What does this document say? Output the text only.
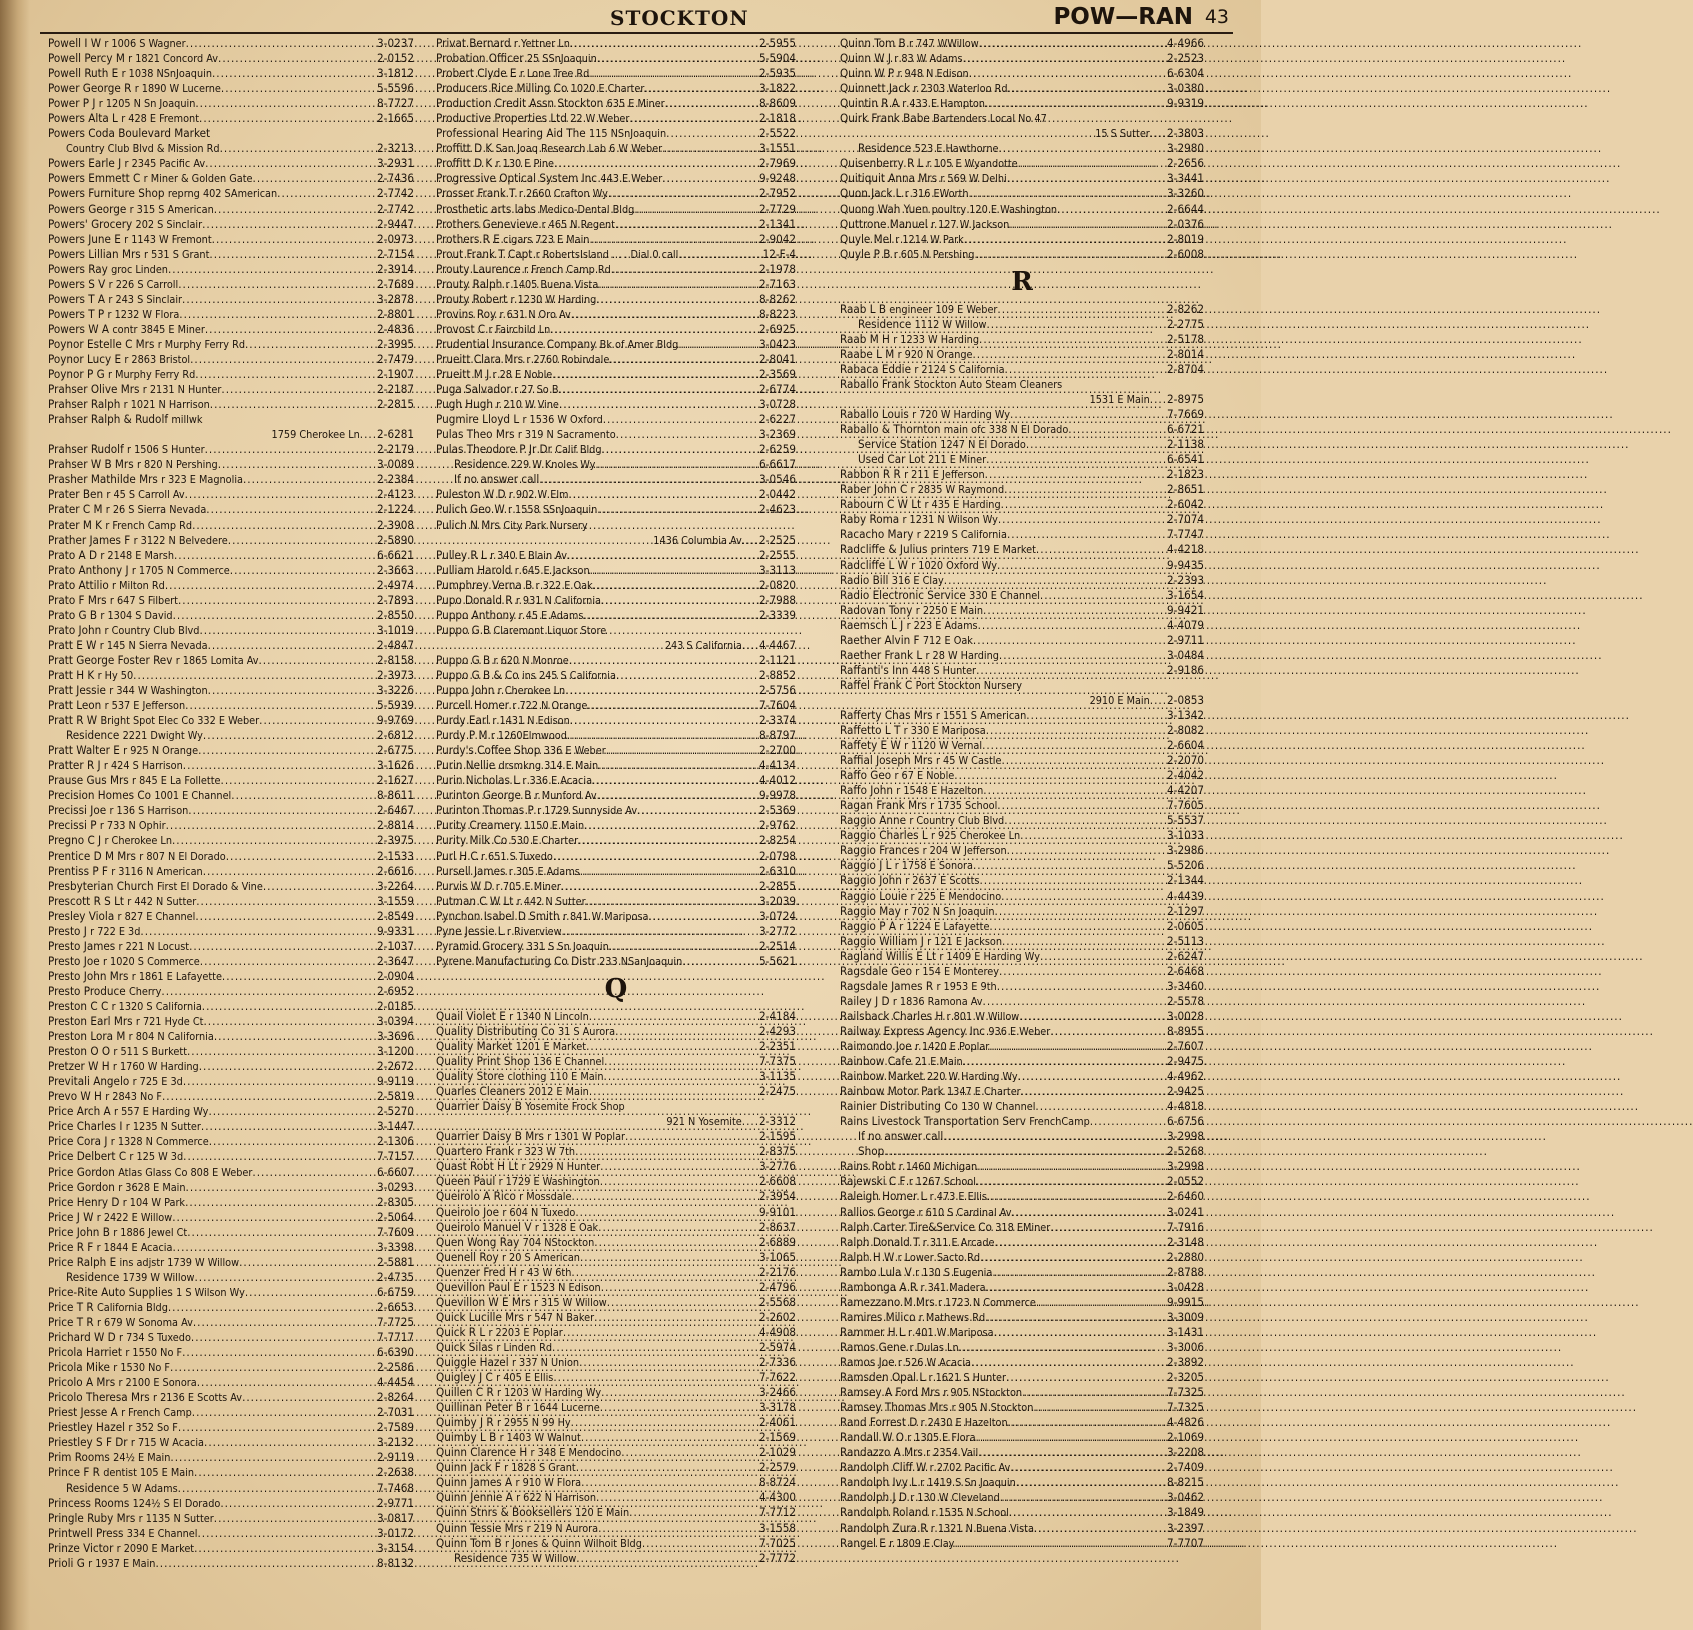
STOCKTON	POW—RAN 43
Powell I W r 1006 S Wagner .....	3-0237
Powell Percy M r 1821 Concord Av .....	2-0152
Powell Ruth E r 1038 NSnJoaquin .....	3-1812
Power George R r 1890 W Lucerne .....	5-5596
Power P J r 1205 N Sn Joaquin .....	8-7727
Powers Alta L r 428 E Fremont .....	2-1665
Powers Coda Boulevard Market
Country Club Blvd & Mission Rd .....	2-3213
Powers Earle J r 2345 Pacific Av .....	3-2931
Powers Emmett C r Miner & Golden Gate .....	2-7436
Powers Furniture Shop reprng 402 SAmerican .....	2-7742
Powers George r 315 S American .....	2-7742
Powers' Grocery 202 S Sinclair .....	2-9447
Powers June E r 1143 W Fremont .....	2-0973
Powers Lillian Mrs r 531 S Grant .....	2-7154
Powers Ray groc Linden .....	2-3914
Powers S V r 226 S Carroll .....	2-7689
Powers T A r 243 S Sinclair .....	3-2878
Powers T P r 1232 W Flora .....	2-8801
Powers W A contr 3845 E Miner .....	2-4836
Poynor Estelle C Mrs r Murphy Ferry Rd .....	2-3995
Poynor Lucy E r 2863 Bristol .....	2-7479
Poynor P G r Murphy Ferry Rd .....	2-1907
Prahser Olive Mrs r 2131 N Hunter .....	2-2187
Prahser Ralph r 1021 N Harrison .....	2-2815
Prahser Ralph & Rudolf millwk
1759 Cherokee Ln .... 2-6281
Prahser Rudolf r 1506 S Hunter .....	2-2179
Prahser W B Mrs r 820 N Pershing .....	3-0089
Prasher Mathilde Mrs r 323 E Magnolia .....	2-2384
Prater Ben r 45 S Carroll Av .....	2-4123
Prater C M r 26 S Sierra Nevada .....	2-1224
Prater M K r French Camp Rd .....	2-3908
Prather James F r 3122 N Belvedere .....	2-5890
Prato A D r 2148 E Marsh .....	6-6621
Prato Anthony J r 1705 N Commerce .....	2-3663
Prato Attilio r Milton Rd .....	2-4974
Prato F Mrs r 647 S Filbert .....	2-7893
Prato G B r 1304 S David .....	2-8550
Prato John r Country Club Blvd .....	3-1019
Pratt E W r 145 N Sierra Nevada .....	2-4847
Pratt George Foster Rev r 1865 Lomita Av .....	2-8158
Pratt H K r Hy 50 .....	2-3973
Pratt Jessie r 344 W Washington .....	3-3226
Pratt Leon r 537 E Jefferson .....	5-5939
Pratt R W Bright Spot Elec Co 332 E Weber .....	9-9769
Residence 2221 Dwight Wy .....	2-6812
Pratt Walter E r 925 N Orange .....	2-6775
Pratter R J r 424 S Harrison .....	3-1626
Prause Gus Mrs r 845 E La Follette .....	2-1627
Precision Homes Co 1001 E Channel .....	8-8611
Precissi Joe r 136 S Harrison .....	2-6467
Precissi P r 733 N Ophir .....	2-8814
Pregno C J r Cherokee Ln .....	2-3975
Prentice D M Mrs r 807 N El Dorado .....	2-1533
Prentiss P F r 3116 N American .....	2-6616
Presbyterian Church First El Dorado & Vine .....	3-2264
Prescott R S Lt r 442 N Sutter .....	3-1559
Presley Viola r 827 E Channel .....	2-8549
Presto J r 722 E 3d .....	9-9331
Presto James r 221 N Locust .....	2-1037
Presto Joe r 1020 S Commerce .....	2-3647
Presto John Mrs r 1861 E Lafayette .....	2-0904
Presto Produce Cherry .....	2-6952
Preston C C r 1320 S California .....	2-0185
Preston Earl Mrs r 721 Hyde Ct .....	3-0394
Preston Lora M r 804 N California .....	3-3696
Preston O O r 511 S Burkett .....	3-1200
Pretzer W H r 1760 W Harding .....	2-2672
Previtali Angelo r 725 E 3d .....	9-9119
Prevo W H r 2843 No F .....	2-5819
Price Arch A r 557 E Harding Wy .....	2-5270
Price Charles I r 1235 N Sutter .....	3-1447
Price Cora J r 1328 N Commerce .....	2-1306
Price Delbert C r 125 W 3d .....	7-7157
Price Gordon Atlas Glass Co 808 E Weber .....	6-6607
Price Gordon r 3628 E Main .....	3-0293
Price Henry D r 104 W Park .....	2-8305
Price J W r 2422 E Willow .....	2-5064
Price John B r 1886 Jewel Ct .....	7-7609
Price R F r 1844 E Acacia .....	3-3398
Price Ralph E ins adjstr 1739 W Willow .....	2-5881
Residence 1739 W Willow .....	2-4735
Price-Rite Auto Supplies 1 S Wilson Wy .....	6-6759
Price T R California Bldg .....	2-6653
Price T R r 679 W Sonoma Av .....	7-7725
Prichard W D r 734 S Tuxedo .....	7-7717
Pricola Harriet r 1550 No F .....	6-6390
Pricola Mike r 1530 No F .....	2-2586
Pricolo A Mrs r 2100 E Sonora .....	4-4454
Pricolo Theresa Mrs r 2136 E Scotts Av .....	2-8264
Priest Jesse A r French Camp .....	2-7031
Priestley Hazel r 352 So F .....	2-7589
Priestley S F Dr r 715 W Acacia .....	3-2132
Prim Rooms 24½ E Main .....	2-9119
Prince F R dentist 105 E Main .....	2-2638
Residence 5 W Adams .....	7-7468
Princess Rooms 124½ S El Dorado .....	2-9771
Pringle Ruby Mrs r 1135 N Sutter .....	3-0817
Printwell Press 334 E Channel .....	3-0172
Prinze Victor r 2090 E Market .....	3-3154
Prioli G r 1937 E Main .....	8-8132
Privat Bernard r Yettner Ln .....	2-5955
Probation Officer 25 SSnJoaquin .....	5-5904
Probert Clyde E r Lone Tree Rd .....	2-5935
Producers Rice Milling Co 1020 E Charter .....	3-1822
Production Credit Assn Stockton 635 E Miner .....	8-8609
Productive Properties Ltd 22 W Weber .....	2-1818
Professional Hearing Aid The 115 NSnJoaquin .....	2-5522
Proffitt D K San Joaq Research Lab 6 W Weber .....	3-1551
Proffitt D K r 130 E Pine .....	2-7969
Progressive Optical System Inc 443 E Weber .....	9-9248
Prosser Frank T r 2660 Crafton Wy .....	2-7952
Prosthetic arts labs Medico-Dental Bldg .....	2-7729
Prothers Genevieve r 465 N Regent .....	2-1341
Prothers R E cigars 723 E Main .....	2-9042
Prout Frank T Capt r RobertsIsland . . . Dial 0 call .....	12-F-4
Prouty Laurence r French Camp Rd .....	2-1978
Prouty Ralph r 1405 Buena Vista .....	2-7163
Prouty Robert r 1230 W Harding .....	8-8262
Provins Roy r 631 N Oro Av .....	8-8223
Provost C r Fairchild Ln .....	2-6925
Prudential Insurance Company Bk of Amer Bldg .....	3-0423
Prueitt Clara Mrs r 2760 Robindale .....	2-8041
Prueitt M J r 28 E Noble .....	2-3569
Puga Salvador r 27 So B .....	2-6774
Pugh Hugh r 210 W Vine .....	3-0728
Pugmire Lloyd L r 1536 W Oxford .....	2-6227
Pulas Theo Mrs r 319 N Sacramento .....	3-2369
Pulas Theodore P Jr Dr Calif Bldg .....	2-6259
Residence 229 W Knoles Wy .....	6-6617
If no answer call .....	3-0546
Puleston W D r 902 W Elm .....	2-0442
Pulich Geo W r 1558 SSnJoaquin .....	2-4623
Pulich N Mrs City Park Nursery
1436 Columbia Av .... 2-2525
Pulley R L r 340 E Blain Av .....	2-2555
Pulliam Harold r 645 E Jackson .....	3-3113
Pumphrey Verna B r 322 E Oak .....	2-0820
Pupo Donald R r 931 N California .....	2-7988
Puppo Anthony r 45 E Adams .....	2-3339
Puppo G B Claremont Liquor Store
243 S California .... 4-4467
Puppo G B r 620 N Monroe .....	2-1121
Puppo G B & Co ins 245 S California .....	2-8852
Puppo John r Cherokee Ln .....	2-5756
Purcell Homer r 722 N Orange .....	7-7604
Purdy Earl r 1431 N Edison .....	2-3374
Purdy P M r 1260Elmwood .....	8-8797
Purdy's Coffee Shop 336 E Weber .....	2-2700
Purin Nellie drsmkng 314 E Main .....	4-4134
Purin Nicholas L r 336 E Acacia .....	4-4012
Purinton George B r Munford Av .....	9-9978
Purinton Thomas P r 1729 Sunnyside Av .....	2-5369
Purity Creamery 1150 E Main .....	2-9762
Purity Milk Co 530 E Charter .....	2-8254
Purl H C r 651 S Tuxedo .....	2-0798
Pursell James r 305 E Adams .....	2-6310
Purvis W D r 705 E Miner .....	2-2855
Putman C W Lt r 442 N Sutter .....	3-2039
Pynchon Isabel D Smith r 841 W Mariposa .....	3-0724
Pyne Jessie L r Riverview .....	3-2772
Pyramid Grocery 331 S Sn Joaquin .....	2-2514
Pyrene Manufacturing Co Distr 233 NSanJoaquin .....	5-5621
Q
Quail Violet E r 1340 N Lincoln .....	2-4184
Quality Distributing Co 31 S Aurora .....	2-4293
Quality Market 1201 E Market .....	2-2351
Quality Print Shop 136 E Channel .....	7-7375
Quality Store clothing 110 E Main .....	3-1135
Quarles Cleaners 2012 E Main .....	2-2475
Quarrier Daisy B Yosemite Frock Shop
921 N Yosemite .... 2-3312
Quarrier Daisy B Mrs r 1301 W Poplar .....	2-1595
Quartero Frank r 323 W 7th .....	2-8375
Quast Robt H Lt r 2929 N Hunter .....	3-2776
Queen Paul r 1729 E Washington .....	2-6608
Queirolo A Rico r Mossdale .....	2-3954
Queirolo Joe r 604 N Tuxedo .....	9-9101
Queirolo Manuel V r 1328 E Oak .....	2-8637
Quen Wong Ray 704 NStockton .....	2-6889
Quenell Roy r 20 S American .....	3-1065
Quenzer Fred H r 43 W 6th .....	2-2176
Quevillon Paul E r 1523 N Edison .....	2-4796
Quevillon W E Mrs r 315 W Willow .....	2-5568
Quick Lucille Mrs r 547 N Baker .....	2-2602
Quick R L r 2203 E Poplar .....	4-4908
Quick Silas r Linden Rd .....	2-5974
Quiggle Hazel r 337 N Union .....	2-7336
Quigley J C r 405 E Ellis .....	7-7622
Quillen C R r 1203 W Harding Wy .....	3-2466
Quillinan Peter B r 1644 Lucerne .....	3-3178
Quimby J R r 2955 N 99 Hy .....	2-4061
Quimby L B r 1403 W Walnut .....	2-1569
Quinn Clarence H r 348 E Mendocino .....	2-1029
Quinn Jack F r 1828 S Grant .....	2-2579
Quinn James A r 910 W Flora .....	8-8724
Quinn Jennie A r 622 N Harrison .....	4-4300
Quinn Stnrs & Booksellers 120 E Main .....	7-7712
Quinn Tessie Mrs r 219 N Aurora .....	3-1558
Quinn Tom B r Jones & Quinn Wilhoit Bldg .....	7-7025
Residence 735 W Willow .....	2-7772
Quinn Tom B r 747 WWillow .....	4-4966
Quinn W J r 83 W Adams .....	2-2523
Quinn W P r 948 N Edison .....	6-6304
Quinnett Jack r 2303 Waterloo Rd .....	3-0380
Quintin R A r 433 E Hampton .....	9-9319
Quirk Frank Babe Bartenders Local No 47
15 S Sutter .... 2-3803
Residence 523 E Hawthorne .....	3-2980
Quisenberry R L r 105 E Wyandotte .....	2-2656
Quitiquit Anna Mrs r 569 W Delhi .....	3-3441
Quon Jack L r 316 EWorth .....	3-3260
Quong Wah Yuen poultry 120 E Washington .....	2-6644
Quttrone Manuel r 127 W Jackson .....	2-0376
Quyle Mel r 1214 W Park .....	2-8019
Quyle P B r 605 N Pershing .....	2-6008
R
Raab L B engineer 109 E Weber .....	2-8262
Residence 1112 W Willow .....	2-2775
Raab M H r 1233 W Harding .....	2-5178
Raabe L M r 920 N Orange .....	2-8014
Rabaca Eddie r 2124 S California .....	2-8704
Raballo Frank Stockton Auto Steam Cleaners
1531 E Main .... 2-8975
Raballo Louis r 720 W Harding Wy .....	7-7669
Raballo & Thornton main ofc 338 N El Dorado .....	6-6721
Service Station 1247 N El Dorado .....	2-1138
Used Car Lot 211 E Miner .....	6-6541
Rabbon R R r 211 E Jefferson .....	2-1823
Raber John C r 2835 W Raymond .....	2-8651
Rabourn C W Lt r 435 E Harding .....	2-6042
Raby Roma r 1231 N Wilson Wy .....	2-7074
Racacho Mary r 2219 S California .....	7-7747
Radcliffe & Julius printers 719 E Market .....	4-4218
Radcliffe L W r 1020 Oxford Wy .....	9-9435
Radio Bill 316 E Clay .....	2-2393
Radio Electronic Service 330 E Channel .....	3-1654
Radovan Tony r 2250 E Main .....	9-9421
Raemsch L J r 223 E Adams .....	4-4079
Raether Alvin F 712 E Oak .....	2-9711
Raether Frank L r 28 W Harding .....	3-0484
Raffanti's Inn 448 S Hunter .....	2-9186
Raffel Frank C Port Stockton Nursery
2910 E Main .... 2-0853
Rafferty Chas Mrs r 1551 S American .....	3-1342
Raffetto L T r 330 E Mariposa .....	2-8082
Raffety E W r 1120 W Vernal .....	2-6604
Raffial Joseph Mrs r 45 W Castle .....	2-2070
Raffo Geo r 67 E Noble .....	2-4042
Raffo John r 1548 E Hazelton .....	4-4207
Ragan Frank Mrs r 1735 School .....	7-7605
Raggio Anne r Country Club Blvd .....	5-5537
Raggio Charles L r 925 Cherokee Ln .....	3-1033
Raggio Frances r 204 W Jefferson .....	3-2986
Raggio J L r 1758 E Sonora .....	5-5206
Raggio John r 2637 E Scotts .....	2-1344
Raggio Louie r 225 E Mendocino .....	4-4439
Raggio May r 702 N Sn Joaquin .....	2-1297
Raggio P A r 1224 E Lafayette .....	2-0605
Raggio William J r 121 E Jackson .....	2-5113
Ragland Willis E Lt r 1409 E Harding Wy .....	2-6247
Ragsdale Geo r 154 E Monterey .....	2-6468
Ragsdale James R r 1953 E 9th .....	3-3460
Railey J D r 1836 Ramona Av .....	2-5578
Railsback Charles H r 801 W Willow .....	3-0028
Railway Express Agency Inc 936 E Weber .....	8-8955
Raimondo Joe r 1420 E Poplar .....	2-7607
Rainbow Cafe 21 E Main .....	2-9475
Rainbow Market 220 W Harding Wy .....	4-4962
Rainbow Motor Park 1347 E Charter .....	2-9425
Rainier Distributing Co 130 W Channel .....	4-4818
Rains Livestock Transportation Serv FrenchCamp .....	6-6756
If no answer call .....	3-2998
Shop .....	2-5268
Rains Robt r 1460 Michigan .....	3-2998
Rajewski C F r 1267 School .....	2-0552
Raleigh Homer L r 473 E Ellis .....	2-6460
Rallios George r 610 S Cardinal Av .....	3-0241
Ralph Carter Tire&Service Co 318 EMiner .....	7-7916
Ralph Donald T r 311 E Arcade .....	2-3148
Ralph H W r Lower Sacto Rd .....	2-2880
Rambo Lula V r 130 S Eugenia .....	2-8788
Rambonga A R r 341 Madera .....	3-0428
Ramezzano M Mrs r 1723 N Commerce .....	9-9915
Ramires Milico r Mathews Rd .....	3-3009
Rammer H L r 401 W Mariposa .....	3-1431
Ramos Gene r Dulas Ln .....	3-3006
Ramos Joe r 526 W Acacia .....	2-3892
Ramsden Opal L r 1621 S Hunter .....	2-3205
Ramsey A Ford Mrs r 905 NStockton .....	7-7325
Ramsey Thomas Mrs r 905 N Stockton .....	7-7325
Rand Forrest D r 2430 E Hazelton .....	4-4826
Randall W O r 1305 E Flora .....	2-1069
Randazzo A Mrs r 2354 Vail .....	3-2208
Randolph Cliff W r 2702 Pacific Av .....	2-7409
Randolph Ivy L r 1419 S Sn Joaquin .....	8-8215
Randolph J D r 130 W Cleveland .....	3-0462
Randolph Roland r 1535 N School .....	3-1849
Randolph Zura R r 1321 N Buena Vista .....	3-2397
Rangel E r 1809 E Clay .....	7-7707
